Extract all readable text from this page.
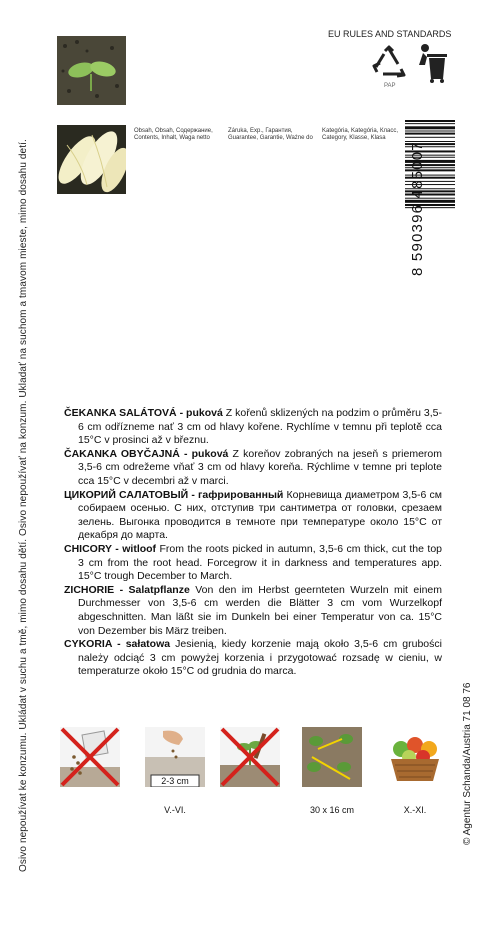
Osivo nepoužívat ke konzumu. Ukládat v suchu a tmě, mimo dosahu dětí. Osivo nepoužívať na konzum. Ukladať na suchom a tmavom mieste, mimo dosahu detí.	© Agentur Schanda/Austria 71 08 76
Obsah, Obsah, Содержание,
Contents, Inhalt, Waga netto
Záruka, Exp., Гарантия,
Guarantee, Garantie, Ważne do
Kategória, Kategória, Класс,
Category, Klasse, Klasa
EU RULES AND STANDARDS
PAP
8 590396 485007

ČEKANKA SALÁTOVÁ - puková Z kořenů sklizených na podzim o průměru 3,5-6 cm odřízneme nať 3 cm od hlavy kořene. Rychlíme v temnu při teplotě cca 15°C v prosinci až v březnu.

ČAKANKA OBYČAJNÁ - puková Z koreňov zobraných na jeseň s priemerom 3,5-6 cm odrežeme vňať 3 cm od hlavy koreňa. Rýchlime v temne pri teplote cca 15°C v decembri až v marci.

ЦИКОРИЙ САЛАТОВЫЙ - гафрированный Корневища диаметром 3,5-6 см собираем осенью. С них, отступив три сантиметра от головки, срезаем зелень. Выгонка проводится в темноте при температуре около 15°С от декабря до марта.

CHICORY - witloof From the roots picked in autumn, 3,5-6 cm thick, cut the top 3 cm from the root head. Forcegrow it in darkness and temperatures app. 15°C trough December to March.

ZICHORIE - Salatpflanze Von den im Herbst geernteten Wurzeln mit einem Durchmesser von 3,5-6 cm werden die Blätter 3 cm vom Wurzelkopf abgeschnitten. Man läßt sie im Dunkeln bei einer Temperatur von ca. 15°C von Dezember bis März treiben.

CYKORIA - sałatowa Jesienią, kiedy korzenie mają około 3,5-6 cm grubości należy odciąć 3 cm powyżej korzenia i przygotować rozsadę w cieniu, w temperaturze około 15°C od grudnia do marca.

2-3 cm
V.-VI.	30 x 16 cm	X.-XI.
